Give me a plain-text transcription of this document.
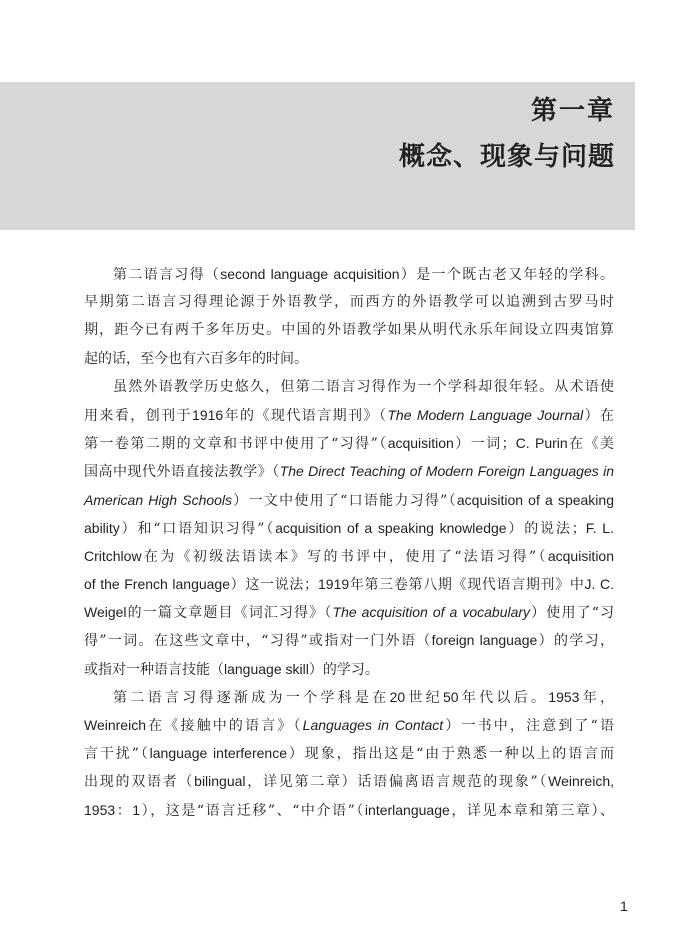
第一章
概念、现象与问题

第二语言习得（second language acquisition）是一个既古老又年轻的学科。
早期第二语言习得理论源于外语教学，而西方的外语教学可以追溯到古罗马时
期，距今已有两千多年历史。中国的外语教学如果从明代永乐年间设立四夷馆算
起的话，至今也有六百多年的时间。

虽然外语教学历史悠久，但第二语言习得作为一个学科却很年轻。从术语使
用来看，创刊于1916年的《现代语言期刊》（The Modern Language Journal）在
第一卷第二期的文章和书评中使用了“习得”（acquisition）一词；C. Purin在《美
国高中现代外语直接法教学》（The Direct Teaching of Modern Foreign Languages in
American High Schools）一文中使用了“口语能力习得”（acquisition of a speaking
ability）和“口语知识习得”（acquisition of a speaking knowledge）的说法；F. L.
Critchlow在为《初级法语读本》写的书评中，使用了“法语习得”（acquisition
of the French language）这一说法；1919年第三卷第八期《现代语言期刊》中J. C.
Weigel的一篇文章题目《词汇习得》（The acquisition of a vocabulary）使用了“习
得”一词。在这些文章中，“习得”或指对一门外语（foreign language）的学习，
或指对一种语言技能（language skill）的学习。

第二语言习得逐渐成为一个学科是在20世纪50年代以后。1953年，
Weinreich在《接触中的语言》（Languages in Contact）一书中，注意到了“语
言干扰”（language interference）现象，指出这是“由于熟悉一种以上的语言而
出现的双语者（bilingual，详见第二章）话语偏离语言规范的现象”（Weinreich,
1953：1），这是“语言迁移”、“中介语”（interlanguage，详见本章和第三章）、

1
